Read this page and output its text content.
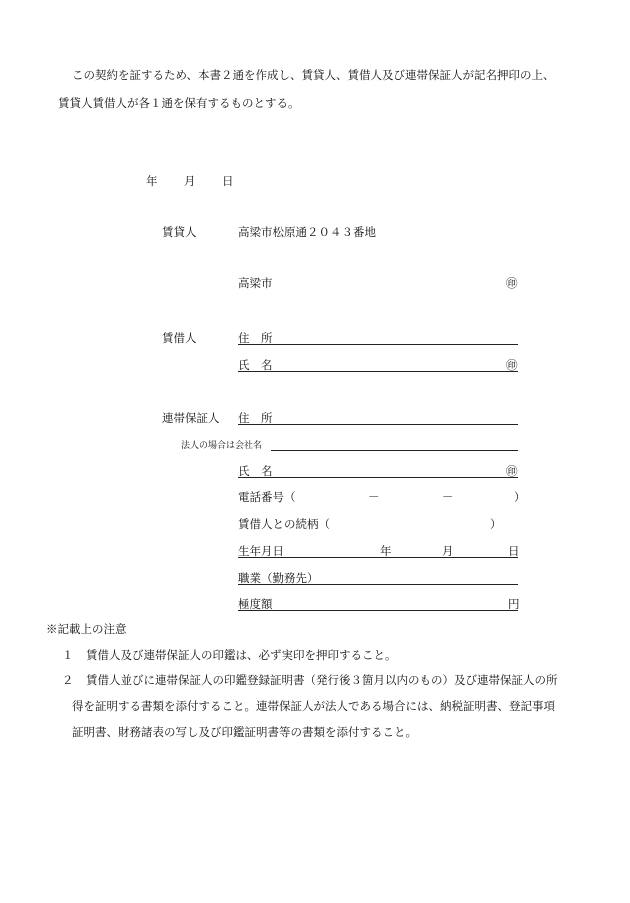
この契約を証するため、本書２通を作成し、賃貸人、賃借人及び連帯保証人が記名押印の上、
賃貸人賃借人が各１通を保有するものとする。
年 月 日
賃貸人	高梁市松原通２０４３番地
高梁市	㊞
賃借人	住　所
氏　名	㊞
連帯保証人 住　所
法人の場合は会社名
氏　名	㊞
電話番号（	－	－	）
賃借人との続柄（	）
生年月日	年	月	日
職業（勤務先）
極度額	円
※記載上の注意
１ 賃借人及び連帯保証人の印鑑は、必ず実印を押印すること。
２ 賃借人並びに連帯保証人の印鑑登録証明書（発行後３箇月以内のもの）及び連帯保証人の所
得を証明する書類を添付すること。連帯保証人が法人である場合には、納税証明書、登記事項
証明書、財務諸表の写し及び印鑑証明書等の書類を添付すること。
